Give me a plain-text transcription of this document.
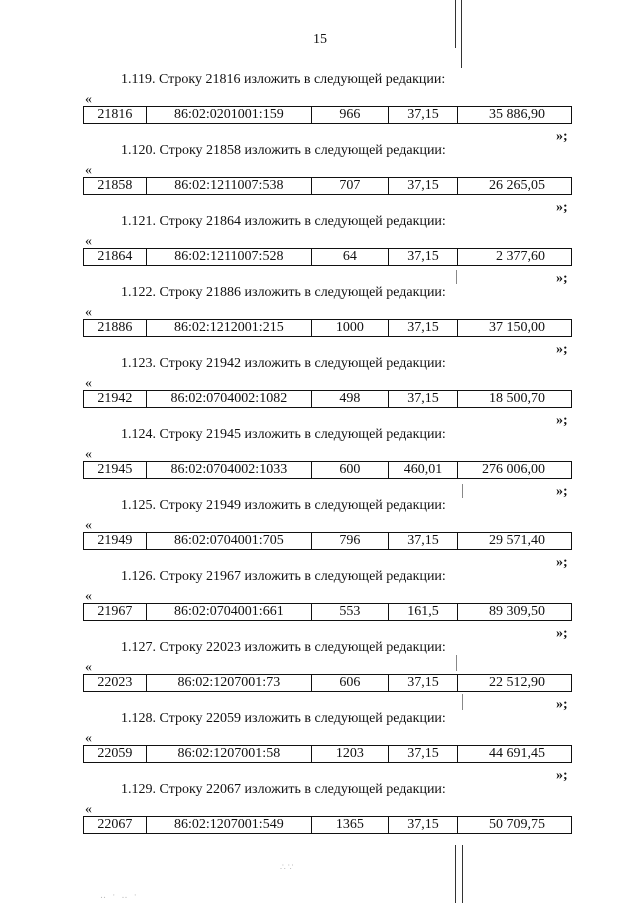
15
∴∵
‥ · ‥ ·
1.119. Строку 21816 изложить в следующей редакции:
«
21816	86:02:0201001:159	966	37,15	35 886,90
»;
1.120. Строку 21858 изложить в следующей редакции:
«
21858	86:02:1211007:538	707	37,15	26 265,05
»;
1.121. Строку 21864 изложить в следующей редакции:
«
21864	86:02:1211007:528	64	37,15	2 377,60
»;
1.122. Строку 21886 изложить в следующей редакции:
«
21886	86:02:1212001:215	1000	37,15	37 150,00
»;
1.123. Строку 21942 изложить в следующей редакции:
«
21942	86:02:0704002:1082	498	37,15	18 500,70
»;
1.124. Строку 21945 изложить в следующей редакции:
«
21945	86:02:0704002:1033	600	460,01	276 006,00
»;
1.125. Строку 21949 изложить в следующей редакции:
«
21949	86:02:0704001:705	796	37,15	29 571,40
»;
1.126. Строку 21967 изложить в следующей редакции:
«
21967	86:02:0704001:661	553	161,5	89 309,50
»;
1.127. Строку 22023 изложить в следующей редакции:
«
22023	86:02:1207001:73	606	37,15	22 512,90
»;
1.128. Строку 22059 изложить в следующей редакции:
«
22059	86:02:1207001:58	1203	37,15	44 691,45
»;
1.129. Строку 22067 изложить в следующей редакции:
«
22067	86:02:1207001:549	1365	37,15	50 709,75
